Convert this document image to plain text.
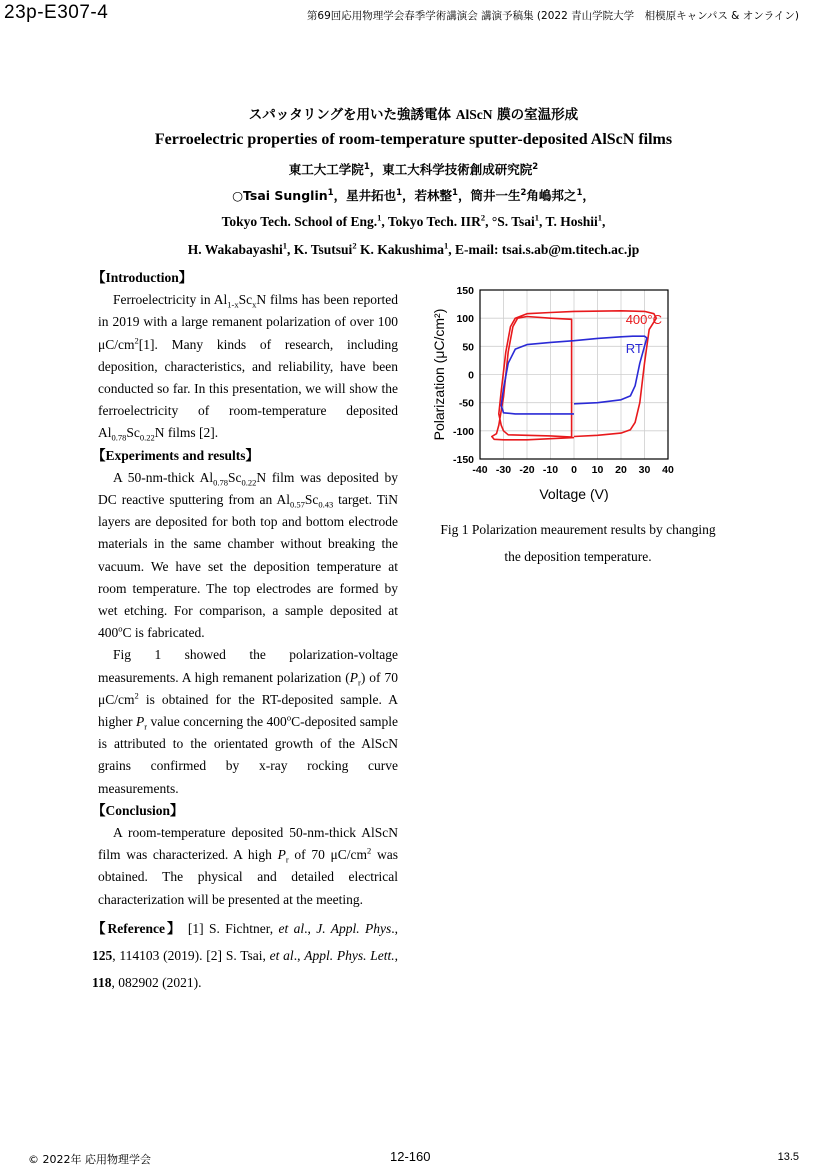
23p-E307-4	第69回応用物理学会春季学術講演会 講演予稿集 (2022 青山学院大学　相模原キャンパス & オンライン)
スパッタリングを用いた強誘電体 AlScN 膜の室温形成
Ferroelectric properties of room-temperature sputter-deposited AlScN films
東工大工学院$^1$，東工大科学技術創成研究院$^2$
○Tsai Sunglin$^1$，星井拓也$^1$，若林整$^1$，筒井一生$^2$角嶋邦之$^1$，
Tokyo Tech. School of Eng.$^1$, Tokyo Tech. IIR$^2$, °S. Tsai$^1$, T. Hoshii$^1$,
H. Wakabayashi$^1$, K. Tsutsui$^2$ K. Kakushima$^1$, E-mail: tsai.s.ab@m.titech.ac.jp
【Introduction】

Ferroelectricity in $Al_{1-x}Sc_xN$ films has been reported in 2019 with a large remanent polarization of over 100 $\mu C/cm^2[1]$. Many kinds of research, including deposition, characteristics, and reliability, have been conducted so far. In this presentation, we will show the ferroelectricity of room-temperature deposited $Al_{0.78}Sc_{0.22}N$ films [2].

【Experiments and results】

A 50-nm-thick $Al_{0.78}Sc_{0.22}N$ film was deposited by DC reactive sputtering from an $Al_{0.57}Sc_{0.43}$ target. TiN layers are deposited for both top and bottom electrode materials in the same chamber without breaking the vacuum. We have set the deposition temperature at room temperature. The top electrodes are formed by wet etching. For comparison, a sample deposited at 400$^o$C is fabricated.

Fig 1 showed the polarization-voltage measurements. A high remanent polarization $(P_r)$ of 70 $\mu C/cm^2$ is obtained for the RT-deposited sample. A higher $P_r$ value concerning the 400$^o$C-deposited sample is attributed to the orientated growth of the AlScN grains confirmed by x-ray rocking curve measurements.

【Conclusion】

A room-temperature deposited 50-nm-thick AlScN film was characterized. A high $P_r$ of 70 $\mu C/cm^2$ was obtained. The physical and detailed electrical characterization will be presented at the meeting.

【Reference】 [1] S. Fichtner, et al., J. Appl. Phys., 125, 114103 (2019). [2] S. Tsai, et al., Appl. Phys. Lett., 118, 082902 (2021).

-40 -30 -20 -10 0 10 20 30 40
150
100
50
0
-50
-100
-150
Voltage (V)
Polarization (μC/cm²)	400°C
RT
Fig 1 Polarization meaurement results by changing
the deposition temperature.
© 2022年 応用物理学会	12-160	13.5
